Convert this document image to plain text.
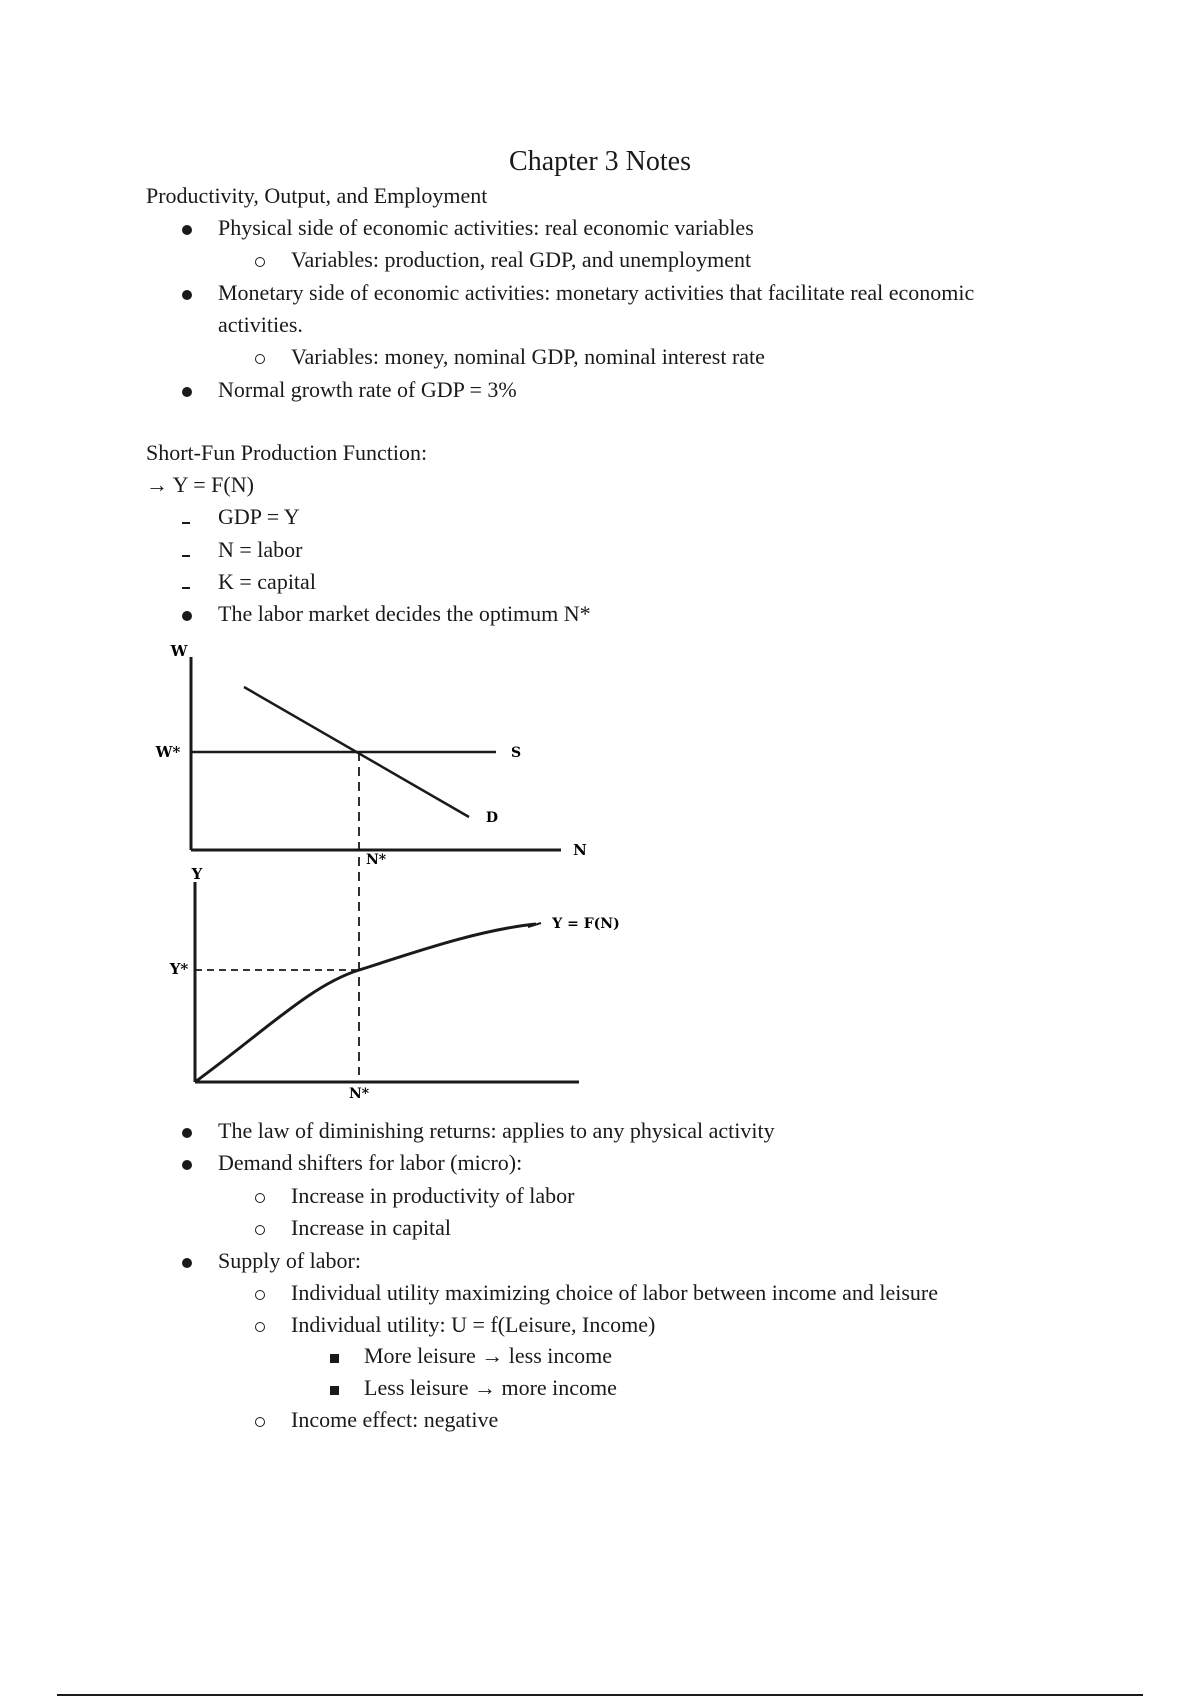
Chapter 3 Notes
Productivity, Output, and Employment
Physical side of economic activities: real economic variables
Variables: production, real GDP, and unemployment
Monetary side of economic activities: monetary activities that facilitate real economic
activities.
Variables: money, nominal GDP, nominal interest rate
Normal growth rate of GDP = 3%
Short-Fun Production Function:
→ Y = F(N)
GDP = Y
N = labor
K = capital
The labor market decides the optimum N*
W
N
W*	S
D
N*
Y
Y*
Y = F(N)
N*
The law of diminishing returns: applies to any physical activity
Demand shifters for labor (micro):
Increase in productivity of labor
Increase in capital
Supply of labor:
Individual utility maximizing choice of labor between income and leisure
Individual utility: U = f(Leisure, Income)
More leisure → less income
Less leisure → more income
Income effect: negative
